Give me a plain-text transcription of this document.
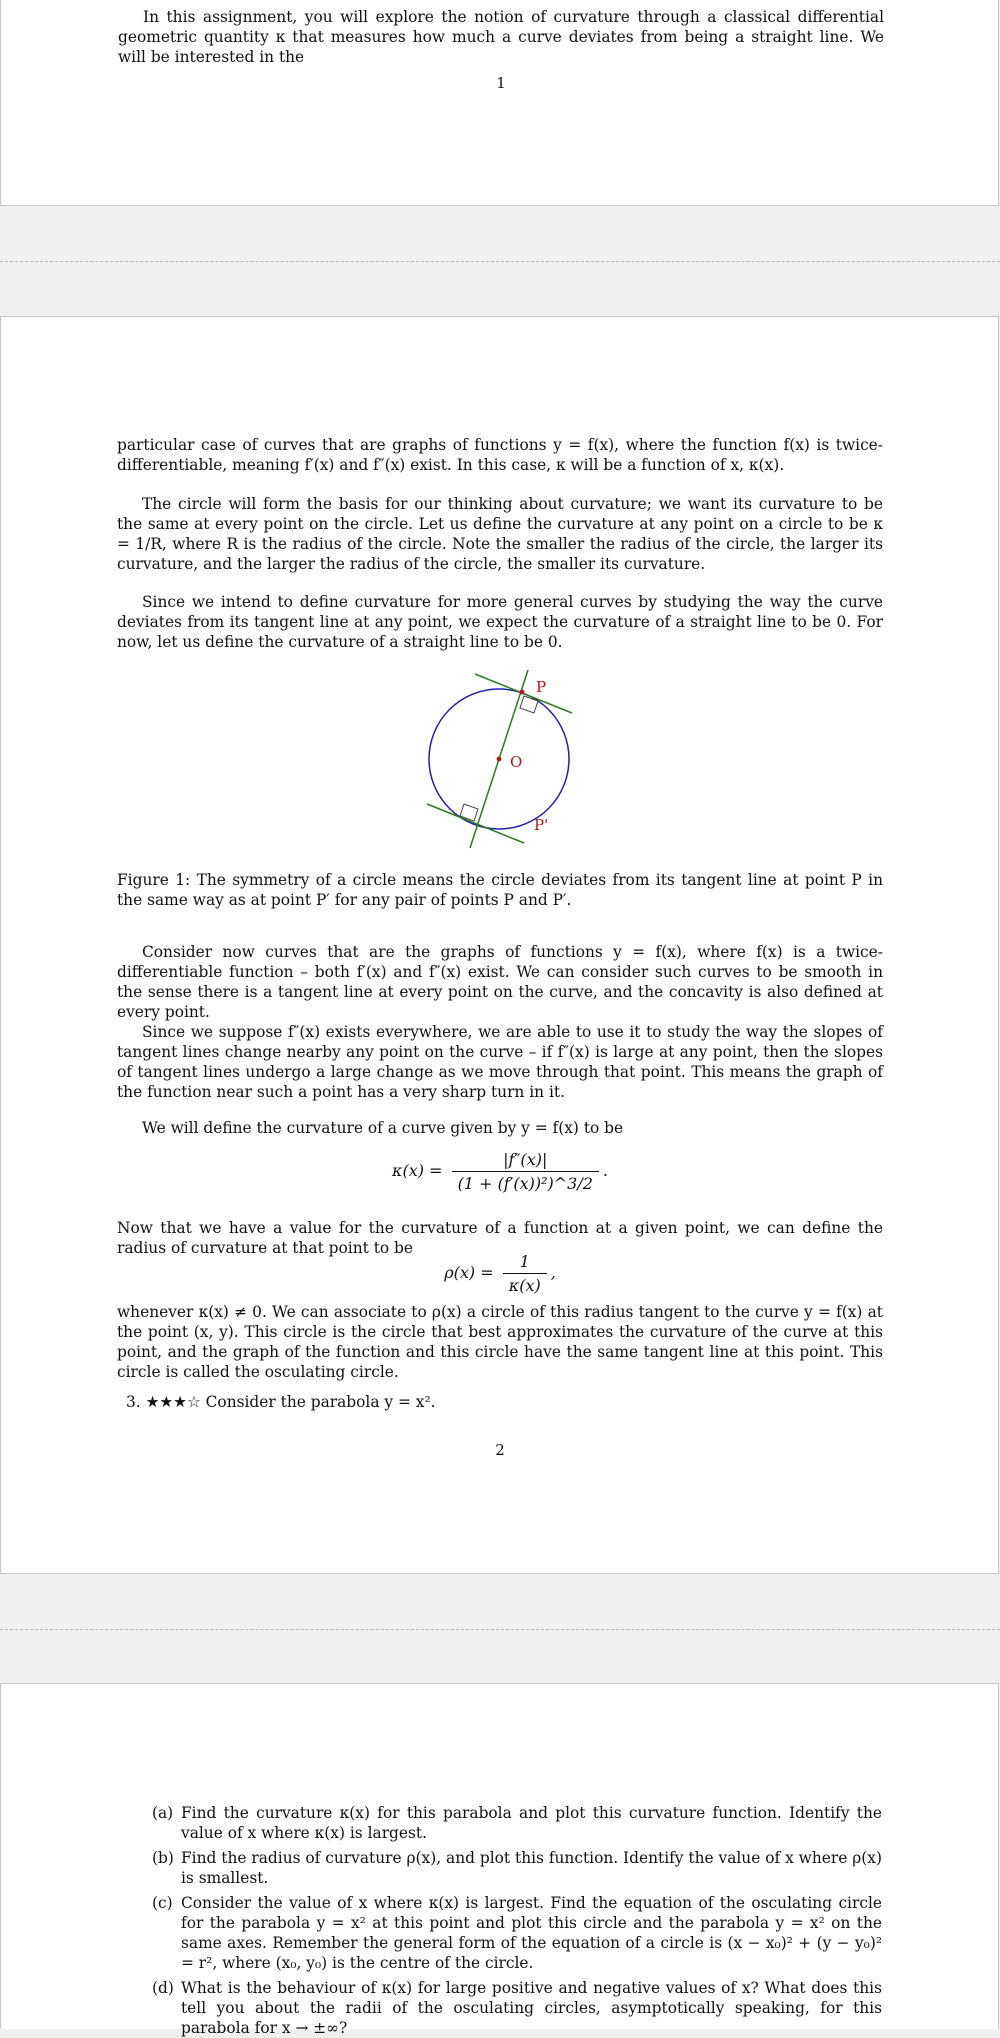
In this assignment, you will explore the notion of curvature through a classical differential geometric quantity κ that measures how much a curve deviates from being a straight line. We will be interested in the

1

particular case of curves that are graphs of functions y = f(x), where the function f(x) is twice-differentiable, meaning f′(x) and f″(x) exist. In this case, κ will be a function of x, κ(x).

The circle will form the basis for our thinking about curvature; we want its curvature to be the same at every point on the circle. Let us define the curvature at any point on a circle to be κ = 1/R, where R is the radius of the circle. Note the smaller the radius of the circle, the larger its curvature, and the larger the radius of the circle, the smaller its curvature.

Since we intend to define curvature for more general curves by studying the way the curve deviates from its tangent line at any point, we expect the curvature of a straight line to be 0. For now, let us define the curvature of a straight line to be 0.

P
O
P'

Figure 1: The symmetry of a circle means the circle deviates from its tangent line at point P in the same way as at point P′ for any pair of points P and P′.

Consider now curves that are the graphs of functions y = f(x), where f(x) is a twice-differentiable function – both f′(x) and f″(x) exist. We can consider such curves to be smooth in the sense there is a tangent line at every point on the curve, and the concavity is also defined at every point.

Since we suppose f″(x) exists everywhere, we are able to use it to study the way the slopes of tangent lines change nearby any point on the curve – if f″(x) is large at any point, then the slopes of tangent lines undergo a large change as we move through that point. This means the graph of the function near such a point has a very sharp turn in it.

We will define the curvature of a curve given by y = f(x) to be

$\kappa(x) = \frac{|f''(x)|}{\text{(1 + (f′(x))²)\textasciicircum{}3/2}}$ .

Now that we have a value for the curvature of a function at a given point, we can define the radius of curvature at that point to be

$\rho(x) = \frac{1}{\kappa(x)}$ ,

whenever κ(x) ≠ 0. We can associate to ρ(x) a circle of this radius tangent to the curve y = f(x) at the point (x, y). This circle is the circle that best approximates the curvature of the curve at this point, and the graph of the function and this circle have the same tangent line at this point. This circle is called the osculating circle.

3. ★★★☆ Consider the parabola y = x².

2

(a) Find the curvature κ(x) for this parabola and plot this curvature function. Identify the value of x where κ(x) is largest.
(b) Find the radius of curvature ρ(x), and plot this function. Identify the value of x where ρ(x) is smallest.
(c) Consider the value of x where κ(x) is largest. Find the equation of the osculating circle for the parabola y = x² at this point and plot this circle and the parabola y = x² on the same axes. Remember the general form of the equation of a circle is (x − x₀)² + (y − y₀)² = r², where (x₀, y₀) is the centre of the circle.
(d) What is the behaviour of κ(x) for large positive and negative values of x? What does this tell you about the radii of the osculating circles, asymptotically speaking, for this parabola for x → ±∞?
